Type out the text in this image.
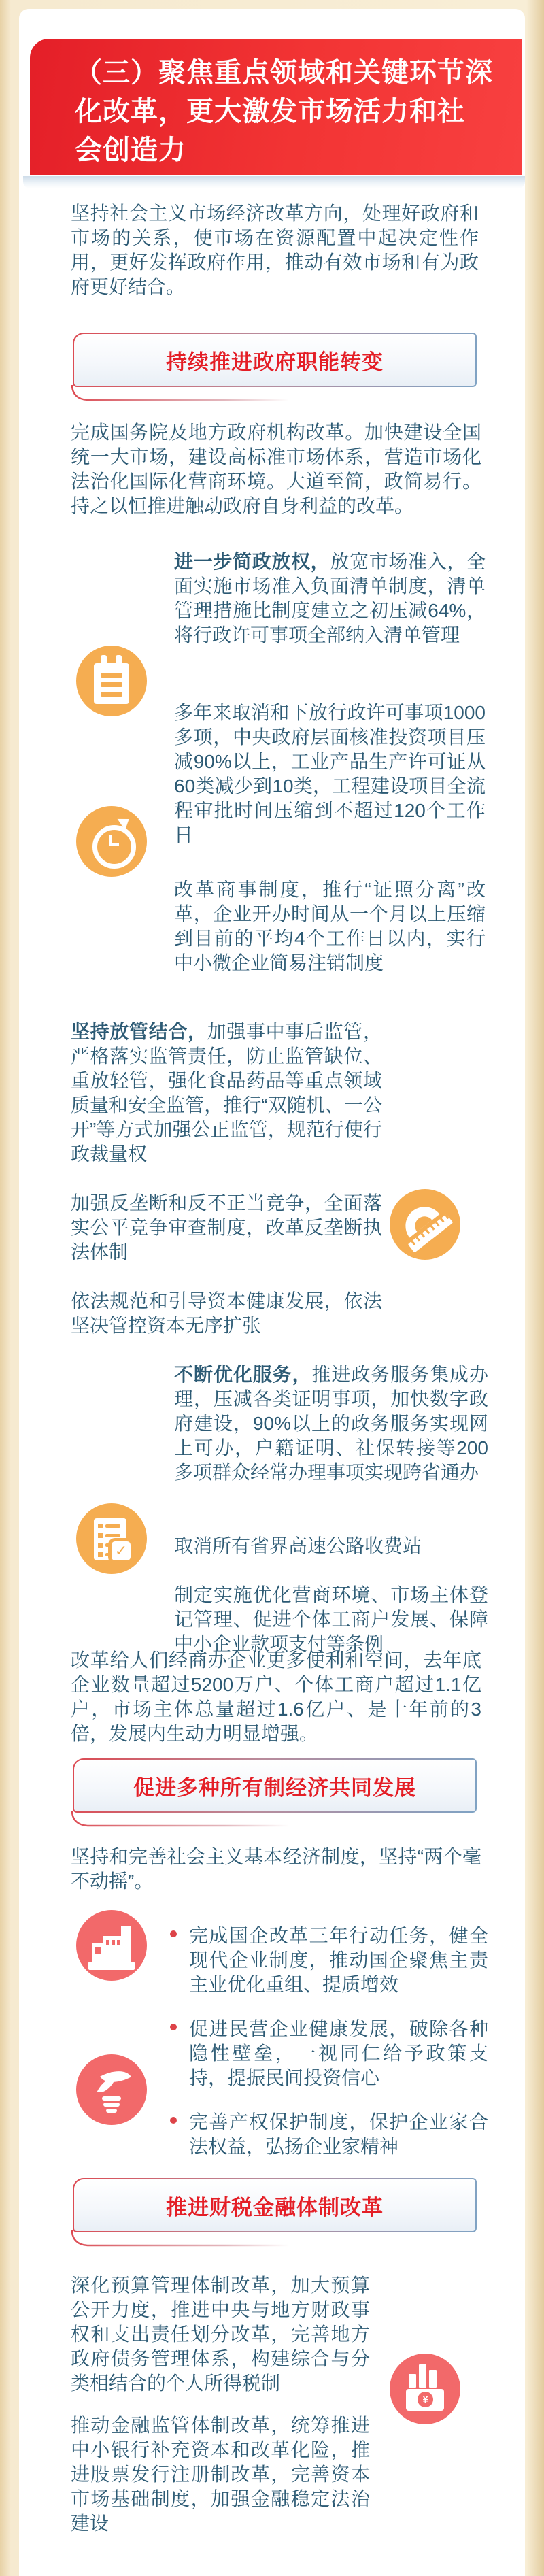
（三）聚焦重点领域和关键环节深
化改革，更大激发市场活力和社
会创造力
坚持社会主义市场经济改革方向，处理好政府和市场的关系，使市场在资源配置中起决定性作用，更好发挥政府作用，推动有效市场和有为政府更好结合。
持续推进政府职能转变
完成国务院及地方政府机构改革。加快建设全国统一大市场，建设高标准市场体系，营造市场化法治化国际化营商环境。大道至简，政简易行。持之以恒推进触动政府自身利益的改革。
进一步简政放权，放宽市场准入，全面实施市场准入负面清单制度，清单管理措施比制度建立之初压减64%，将行政许可事项全部纳入清单管理
多年来取消和下放行政许可事项1000多项，中央政府层面核准投资项目压减90%以上，工业产品生产许可证从60类减少到10类，工程建设项目全流程审批时间压缩到不超过120个工作日
改革商事制度，推行“证照分离”改革，企业开办时间从一个月以上压缩到目前的平均4个工作日以内，实行中小微企业简易注销制度
坚持放管结合，加强事中事后监管，严格落实监管责任，防止监管缺位、重放轻管，强化食品药品等重点领域质量和安全监管，推行“双随机、一公开”等方式加强公正监管，规范行使行政裁量权
加强反垄断和反不正当竞争，全面落实公平竞争审查制度，改革反垄断执法体制
依法规范和引导资本健康发展，依法坚决管控资本无序扩张
不断优化服务，推进政务服务集成办理，压减各类证明事项，加快数字政府建设，90%以上的政务服务实现网上可办，户籍证明、社保转接等200多项群众经常办理事项实现跨省通办
✓ 取消所有省界高速公路收费站
制定实施优化营商环境、市场主体登记管理、促进个体工商户发展、保障中小企业款项支付等条例
改革给人们经商办企业更多便利和空间，去年底企业数量超过5200万户、个体工商户超过1.1亿户，市场主体总量超过1.6亿户、是十年前的3倍，发展内生动力明显增强。
促进多种所有制经济共同发展
坚持和完善社会主义基本经济制度，坚持“两个毫不动摇”。
完成国企改革三年行动任务，健全现代企业制度，推动国企聚焦主责主业优化重组、提质增效
促进民营企业健康发展，破除各种隐性壁垒，一视同仁给予政策支持，提振民间投资信心
完善产权保护制度，保护企业家合法权益，弘扬企业家精神
推进财税金融体制改革
深化预算管理体制改革，加大预算公开力度，推进中央与地方财政事权和支出责任划分改革，完善地方政府债务管理体系，构建综合与分类相结合的个人所得税制
¥
推动金融监管体制改革，统筹推进中小银行补充资本和改革化险，推进股票发行注册制改革，完善资本市场基础制度，加强金融稳定法治建设
